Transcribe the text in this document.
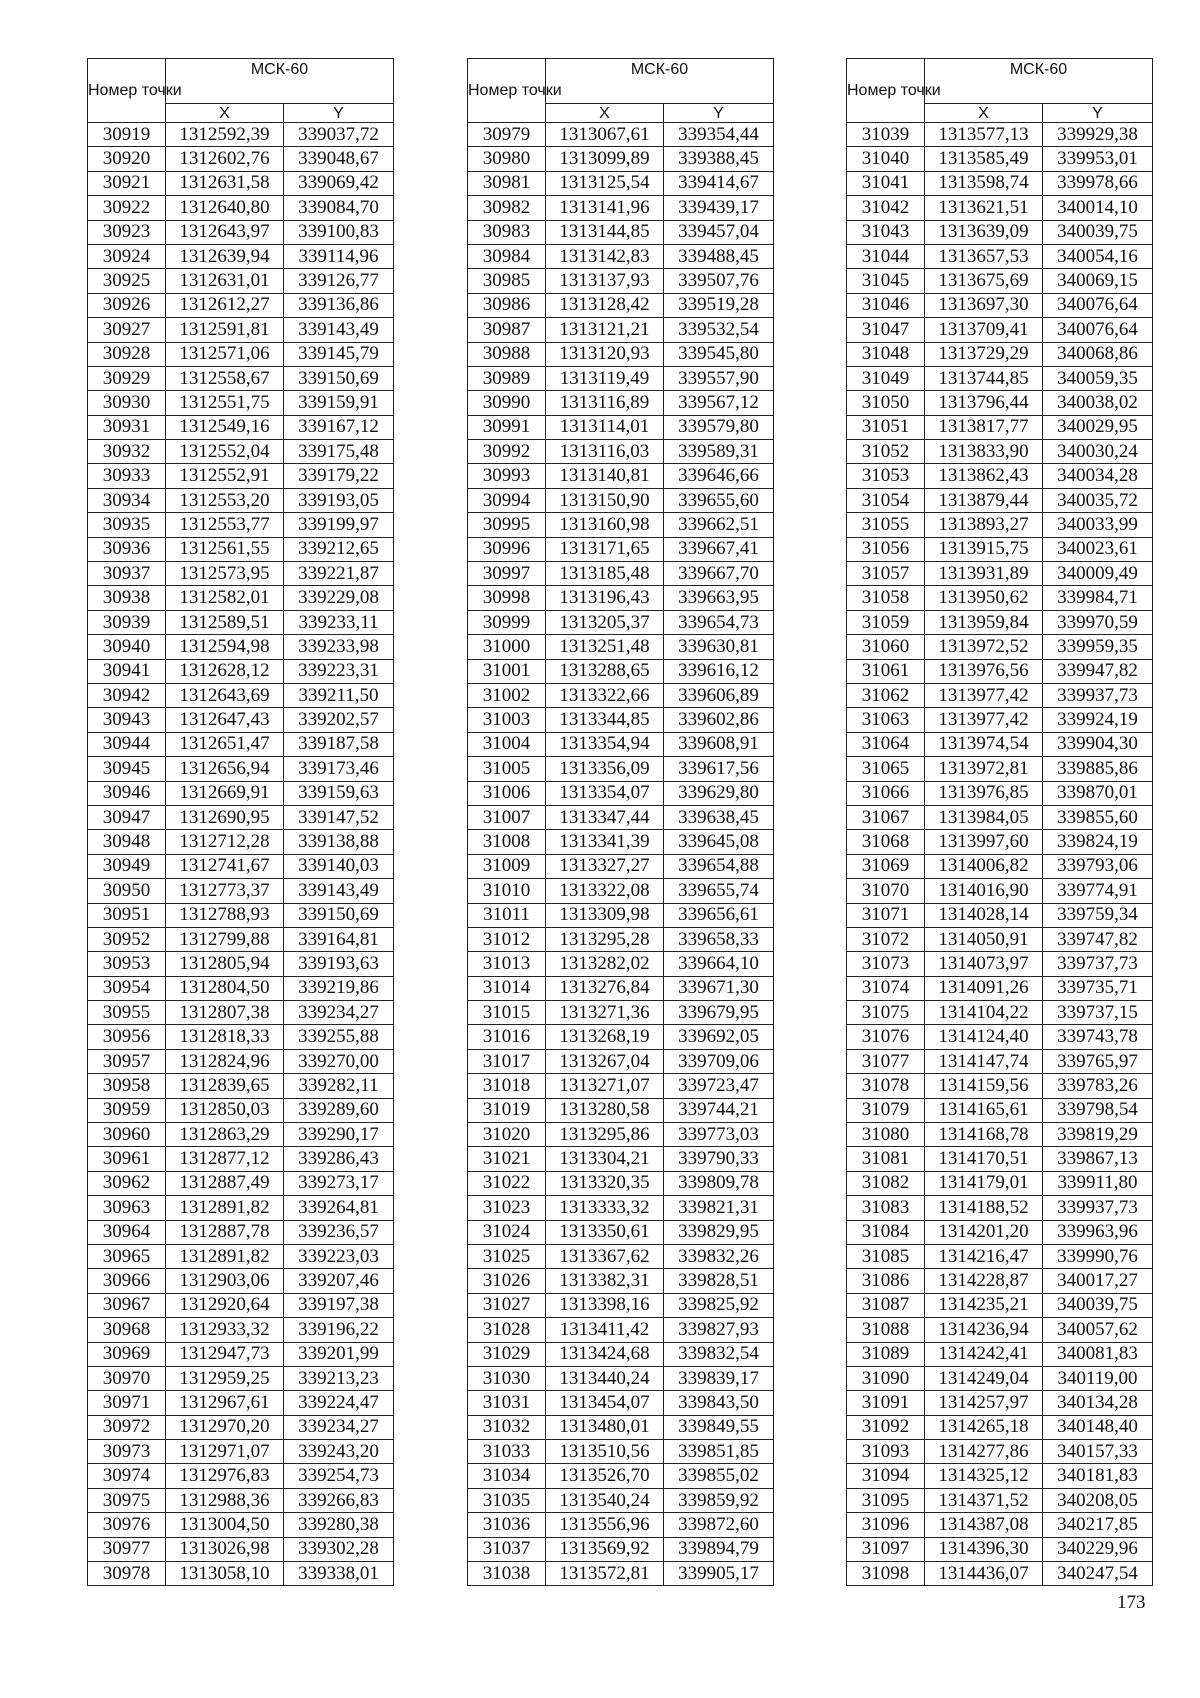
Номер точки	МСК-60	
	X	Y
30919	1312592,39	339037,72
30920	1312602,76	339048,67
30921	1312631,58	339069,42
30922	1312640,80	339084,70
30923	1312643,97	339100,83
30924	1312639,94	339114,96
30925	1312631,01	339126,77
30926	1312612,27	339136,86
30927	1312591,81	339143,49
30928	1312571,06	339145,79
30929	1312558,67	339150,69
30930	1312551,75	339159,91
30931	1312549,16	339167,12
30932	1312552,04	339175,48
30933	1312552,91	339179,22
30934	1312553,20	339193,05
30935	1312553,77	339199,97
30936	1312561,55	339212,65
30937	1312573,95	339221,87
30938	1312582,01	339229,08
30939	1312589,51	339233,11
30940	1312594,98	339233,98
30941	1312628,12	339223,31
30942	1312643,69	339211,50
30943	1312647,43	339202,57
30944	1312651,47	339187,58
30945	1312656,94	339173,46
30946	1312669,91	339159,63
30947	1312690,95	339147,52
30948	1312712,28	339138,88
30949	1312741,67	339140,03
30950	1312773,37	339143,49
30951	1312788,93	339150,69
30952	1312799,88	339164,81
30953	1312805,94	339193,63
30954	1312804,50	339219,86
30955	1312807,38	339234,27
30956	1312818,33	339255,88
30957	1312824,96	339270,00
30958	1312839,65	339282,11
30959	1312850,03	339289,60
30960	1312863,29	339290,17
30961	1312877,12	339286,43
30962	1312887,49	339273,17
30963	1312891,82	339264,81
30964	1312887,78	339236,57
30965	1312891,82	339223,03
30966	1312903,06	339207,46
30967	1312920,64	339197,38
30968	1312933,32	339196,22
30969	1312947,73	339201,99
30970	1312959,25	339213,23
30971	1312967,61	339224,47
30972	1312970,20	339234,27
30973	1312971,07	339243,20
30974	1312976,83	339254,73
30975	1312988,36	339266,83
30976	1313004,50	339280,38
30977	1313026,98	339302,28
30978	1313058,10	339338,01
Номер точки	МСК-60	
	X	Y
30979	1313067,61	339354,44
30980	1313099,89	339388,45
30981	1313125,54	339414,67
30982	1313141,96	339439,17
30983	1313144,85	339457,04
30984	1313142,83	339488,45
30985	1313137,93	339507,76
30986	1313128,42	339519,28
30987	1313121,21	339532,54
30988	1313120,93	339545,80
30989	1313119,49	339557,90
30990	1313116,89	339567,12
30991	1313114,01	339579,80
30992	1313116,03	339589,31
30993	1313140,81	339646,66
30994	1313150,90	339655,60
30995	1313160,98	339662,51
30996	1313171,65	339667,41
30997	1313185,48	339667,70
30998	1313196,43	339663,95
30999	1313205,37	339654,73
31000	1313251,48	339630,81
31001	1313288,65	339616,12
31002	1313322,66	339606,89
31003	1313344,85	339602,86
31004	1313354,94	339608,91
31005	1313356,09	339617,56
31006	1313354,07	339629,80
31007	1313347,44	339638,45
31008	1313341,39	339645,08
31009	1313327,27	339654,88
31010	1313322,08	339655,74
31011	1313309,98	339656,61
31012	1313295,28	339658,33
31013	1313282,02	339664,10
31014	1313276,84	339671,30
31015	1313271,36	339679,95
31016	1313268,19	339692,05
31017	1313267,04	339709,06
31018	1313271,07	339723,47
31019	1313280,58	339744,21
31020	1313295,86	339773,03
31021	1313304,21	339790,33
31022	1313320,35	339809,78
31023	1313333,32	339821,31
31024	1313350,61	339829,95
31025	1313367,62	339832,26
31026	1313382,31	339828,51
31027	1313398,16	339825,92
31028	1313411,42	339827,93
31029	1313424,68	339832,54
31030	1313440,24	339839,17
31031	1313454,07	339843,50
31032	1313480,01	339849,55
31033	1313510,56	339851,85
31034	1313526,70	339855,02
31035	1313540,24	339859,92
31036	1313556,96	339872,60
31037	1313569,92	339894,79
31038	1313572,81	339905,17
Номер точки	МСК-60	
	X	Y
31039	1313577,13	339929,38
31040	1313585,49	339953,01
31041	1313598,74	339978,66
31042	1313621,51	340014,10
31043	1313639,09	340039,75
31044	1313657,53	340054,16
31045	1313675,69	340069,15
31046	1313697,30	340076,64
31047	1313709,41	340076,64
31048	1313729,29	340068,86
31049	1313744,85	340059,35
31050	1313796,44	340038,02
31051	1313817,77	340029,95
31052	1313833,90	340030,24
31053	1313862,43	340034,28
31054	1313879,44	340035,72
31055	1313893,27	340033,99
31056	1313915,75	340023,61
31057	1313931,89	340009,49
31058	1313950,62	339984,71
31059	1313959,84	339970,59
31060	1313972,52	339959,35
31061	1313976,56	339947,82
31062	1313977,42	339937,73
31063	1313977,42	339924,19
31064	1313974,54	339904,30
31065	1313972,81	339885,86
31066	1313976,85	339870,01
31067	1313984,05	339855,60
31068	1313997,60	339824,19
31069	1314006,82	339793,06
31070	1314016,90	339774,91
31071	1314028,14	339759,34
31072	1314050,91	339747,82
31073	1314073,97	339737,73
31074	1314091,26	339735,71
31075	1314104,22	339737,15
31076	1314124,40	339743,78
31077	1314147,74	339765,97
31078	1314159,56	339783,26
31079	1314165,61	339798,54
31080	1314168,78	339819,29
31081	1314170,51	339867,13
31082	1314179,01	339911,80
31083	1314188,52	339937,73
31084	1314201,20	339963,96
31085	1314216,47	339990,76
31086	1314228,87	340017,27
31087	1314235,21	340039,75
31088	1314236,94	340057,62
31089	1314242,41	340081,83
31090	1314249,04	340119,00
31091	1314257,97	340134,28
31092	1314265,18	340148,40
31093	1314277,86	340157,33
31094	1314325,12	340181,83
31095	1314371,52	340208,05
31096	1314387,08	340217,85
31097	1314396,30	340229,96
31098	1314436,07	340247,54
173
